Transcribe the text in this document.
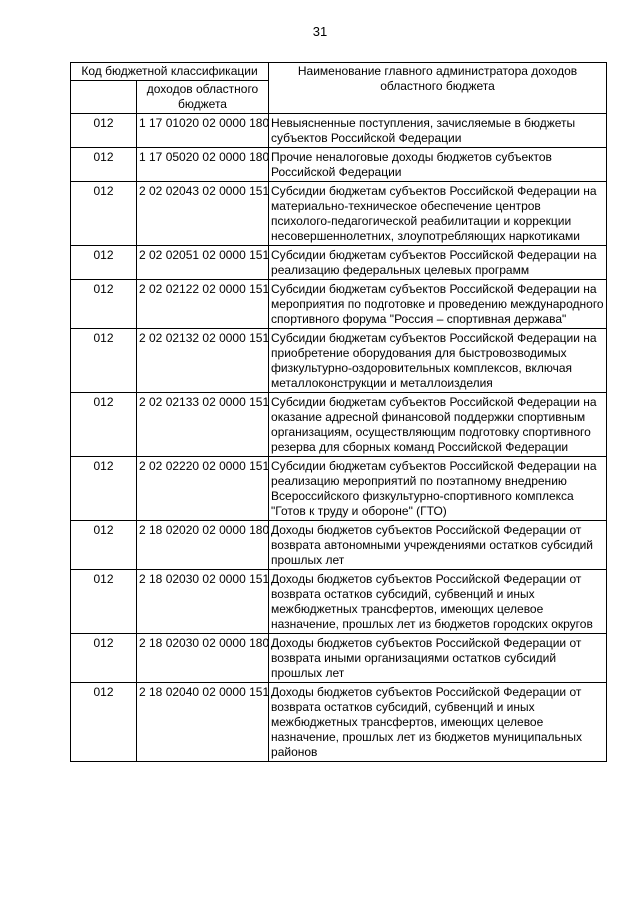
31
Код бюджетной классификации		Наименование главного администратора доходов областного бюджета
	доходов областного бюджета	
012	1 17 01020 02 0000 180	Невыясненные поступления, зачисляемые в бюджеты субъектов Российской Федерации
012	1 17 05020 02 0000 180	Прочие неналоговые доходы бюджетов субъектов Российской Федерации
012	2 02 02043 02 0000 151	Субсидии бюджетам субъектов Российской Федерации на материально-техническое обеспечение центров психолого-педагогической реабилитации и коррекции несовершеннолетних, злоупотребляющих наркотиками
012	2 02 02051 02 0000 151	Субсидии бюджетам субъектов Российской Федерации на реализацию федеральных целевых программ
012	2 02 02122 02 0000 151	Субсидии бюджетам субъектов Российской Федерации на мероприятия по подготовке и проведению международного спортивного форума "Россия – спортивная держава"
012	2 02 02132 02 0000 151	Субсидии бюджетам субъектов Российской Федерации на приобретение оборудования для быстровозводимых физкультурно-оздоровительных комплексов, включая металлоконструкции и металлоизделия
012	2 02 02133 02 0000 151	Субсидии бюджетам субъектов Российской Федерации на оказание адресной финансовой поддержки спортивным организациям, осуществляющим подготовку спортивного резерва для сборных команд Российской Федерации
012	2 02 02220 02 0000 151	Субсидии бюджетам субъектов Российской Федерации на реализацию мероприятий по поэтапному внедрению Всероссийского физкультурно-спортивного комплекса "Готов к труду и обороне" (ГТО)
012	2 18 02020 02 0000 180	Доходы бюджетов субъектов Российской Федерации от возврата автономными учреждениями остатков субсидий прошлых лет
012	2 18 02030 02 0000 151	Доходы бюджетов субъектов Российской Федерации от возврата остатков субсидий, субвенций и иных межбюджетных трансфертов, имеющих целевое назначение, прошлых лет из бюджетов городских округов
012	2 18 02030 02 0000 180	Доходы бюджетов субъектов Российской Федерации от возврата иными организациями остатков субсидий прошлых лет
012	2 18 02040 02 0000 151	Доходы бюджетов субъектов Российской Федерации от возврата остатков субсидий, субвенций и иных межбюджетных трансфертов, имеющих целевое назначение, прошлых лет из бюджетов муниципальных районов
